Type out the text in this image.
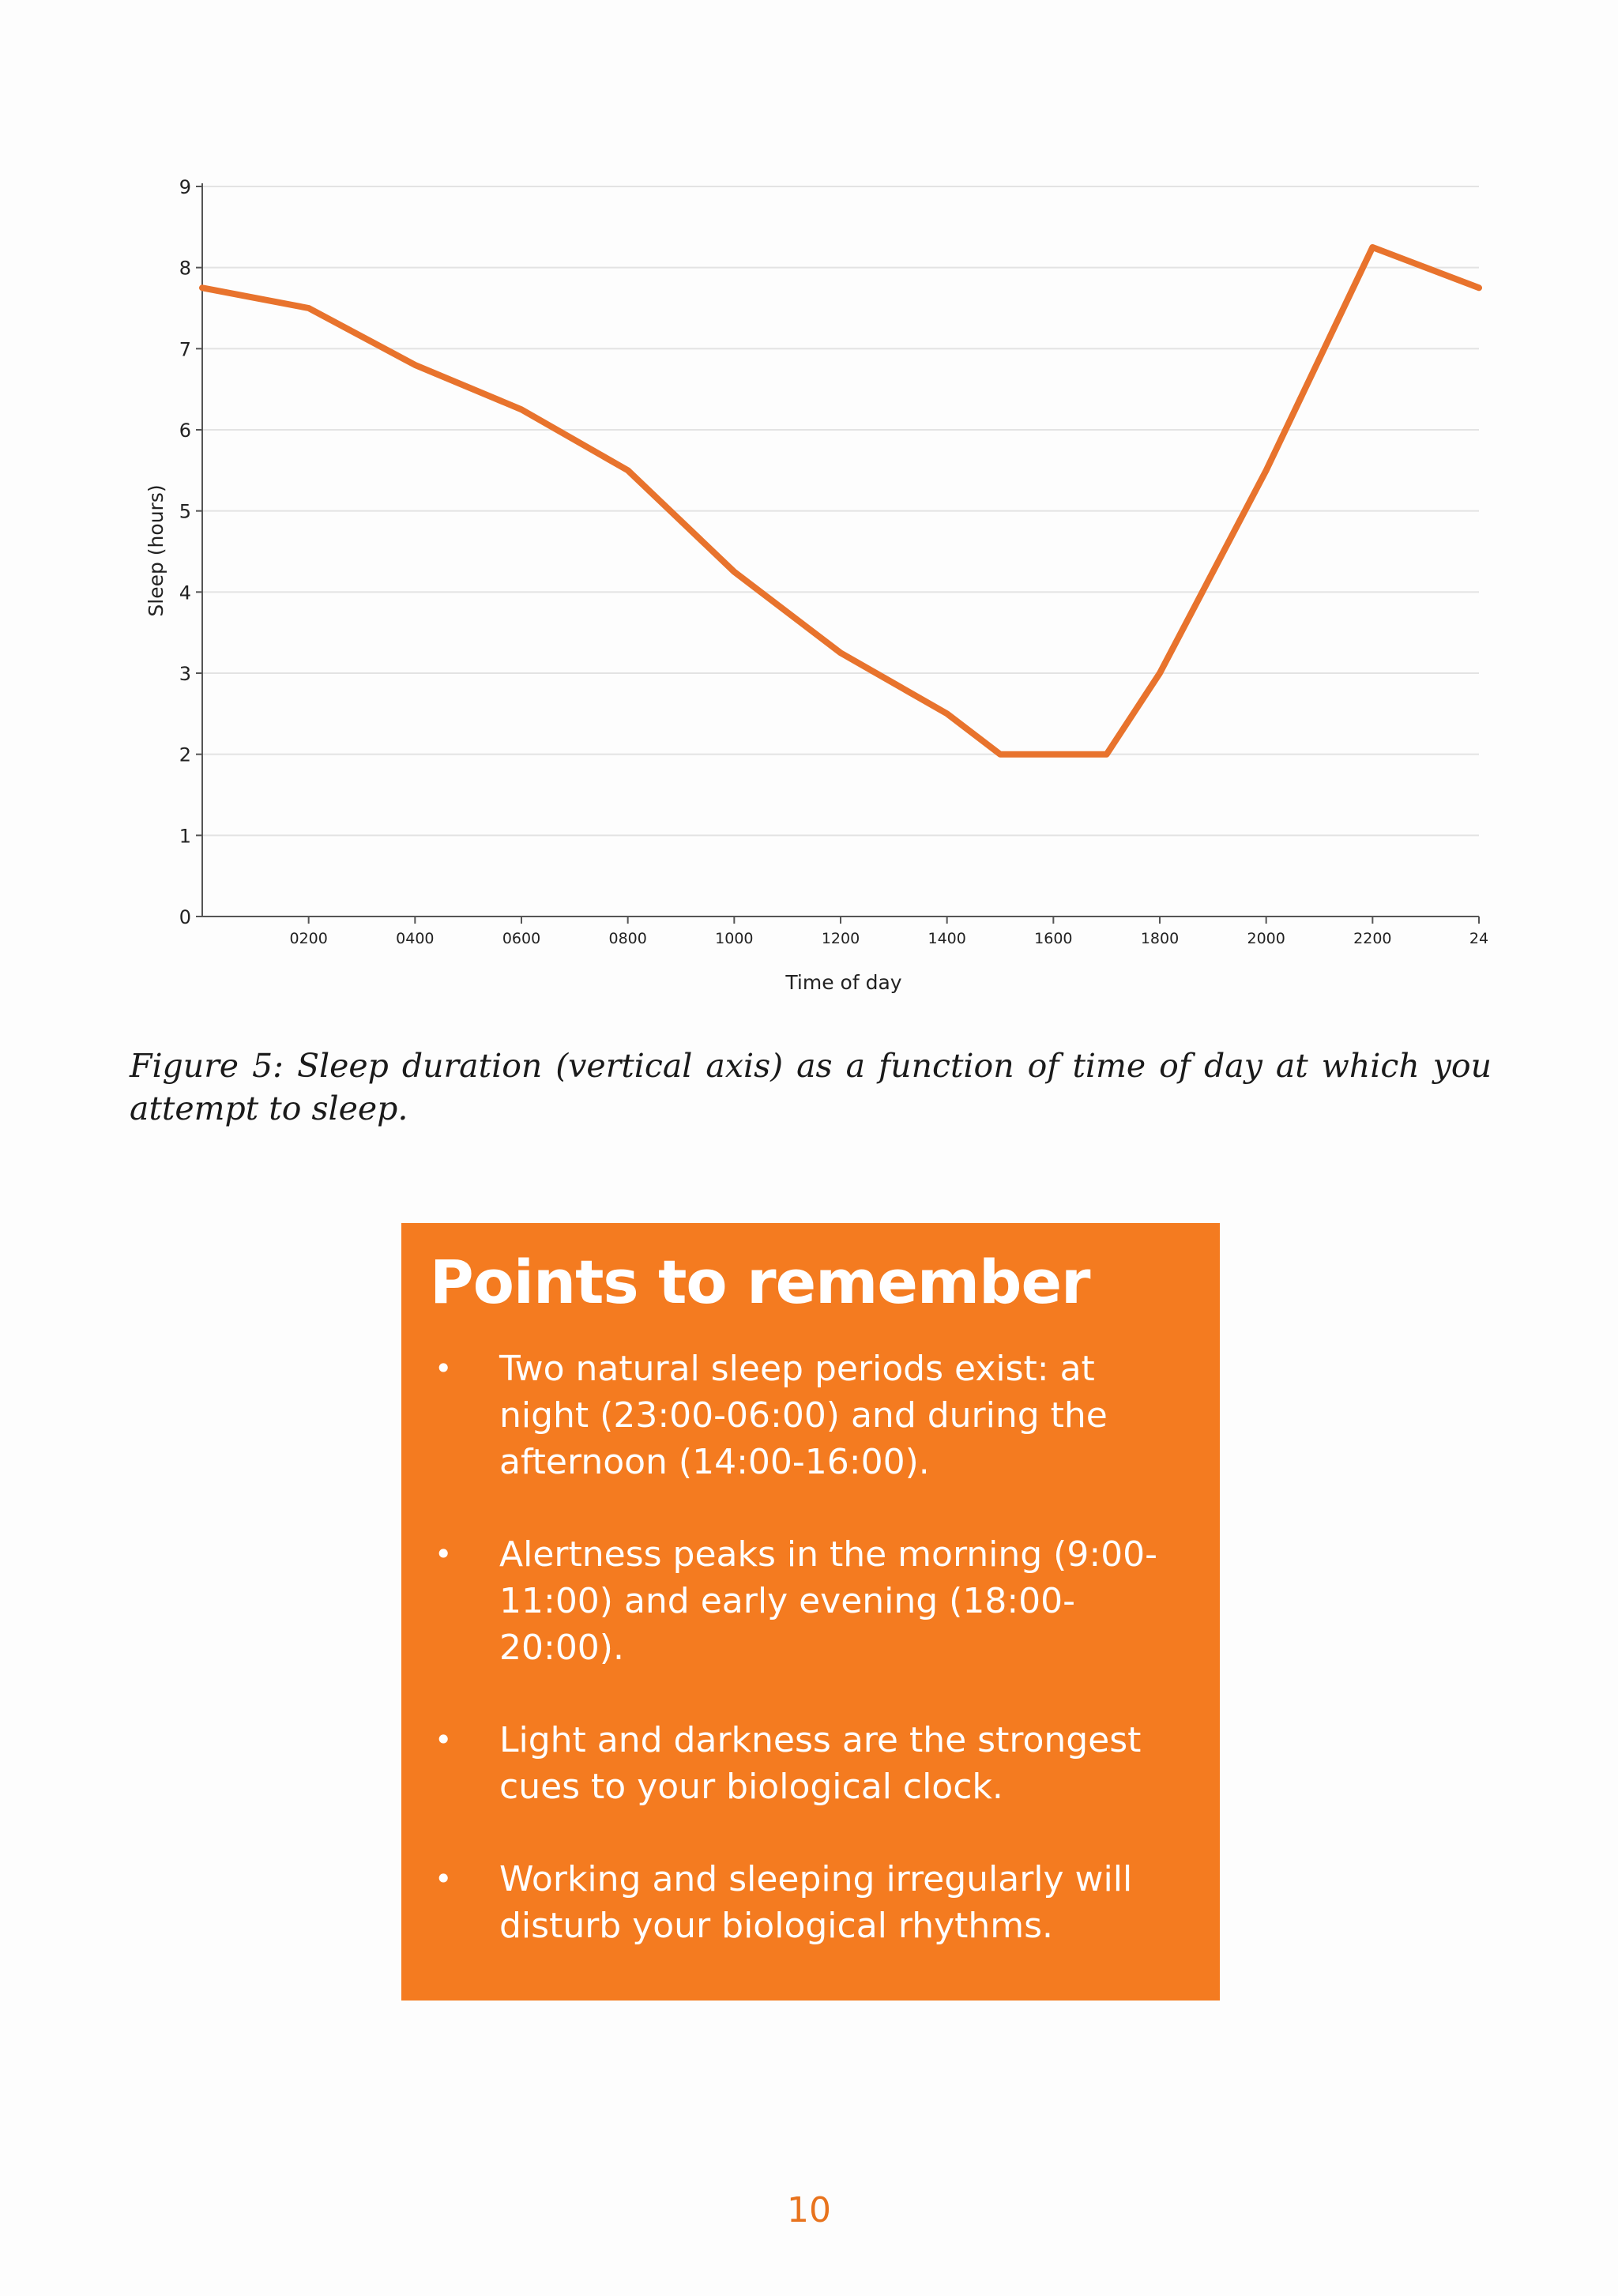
0
1
2
3
4
5
6
7
8
9
0200	0400	0600	0800	1000	1200	1400	1600	1800	2000	2200	24
Time of day
Sleep (hours)

Figure 5: Sleep duration (vertical axis) as a function of time of day at which you attempt to sleep.

Points to remember
• Two natural sleep periods exist: at night (23:00-06:00) and during the afternoon (14:00-16:00).
• Alertness peaks in the morning (9:00-11:00) and early evening (18:00-20:00).
• Light and darkness are the strongest cues to your biological clock.
• Working and sleeping irregularly will disturb your biological rhythms.
10
